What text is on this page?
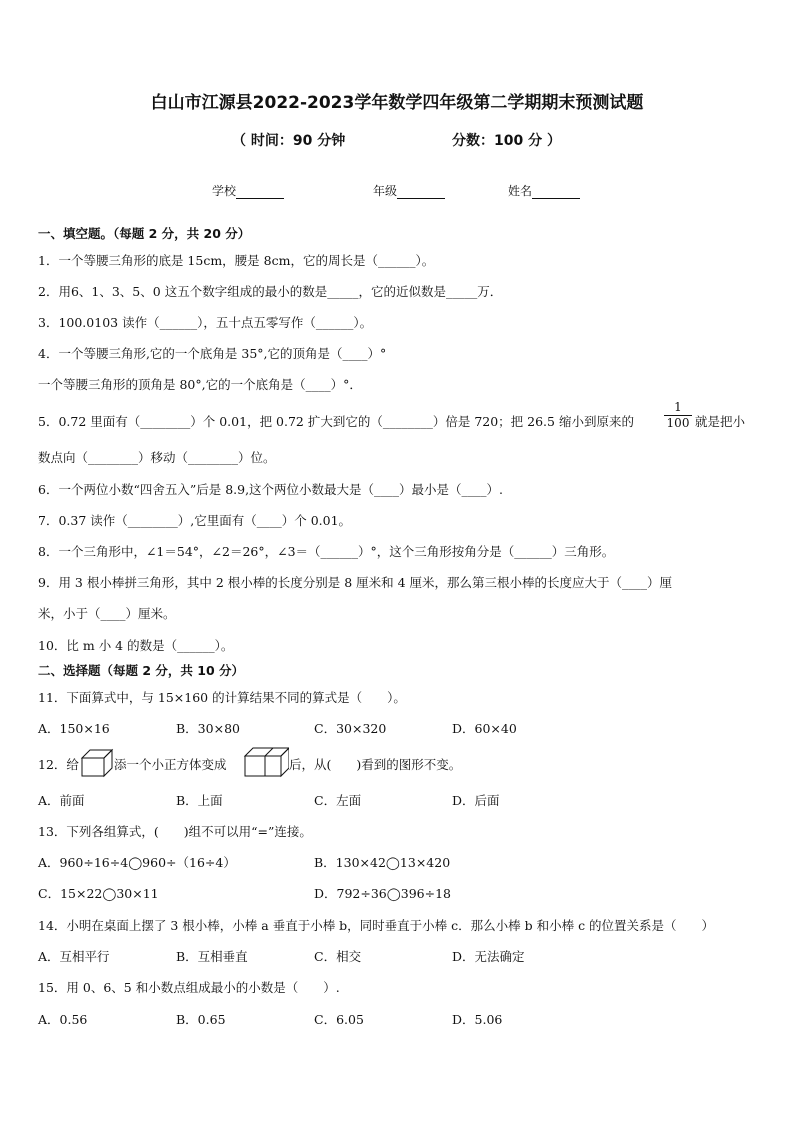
白山市江源县2022-2023学年数学四年级第二学期期末预测试题
（ 时间：90 分钟	分数：100 分 ）
学校	年级	姓名
一、填空题。（每题 2 分，共 20 分）
1．一个等腰三角形的底是 15cm，腰是 8cm，它的周长是（______）。
2．用6、1、3、5、0 这五个数字组成的最小的数是_____，它的近似数是_____万．
3．100.0103 读作（______），五十点五零写作（______）。
4．一个等腰三角形,它的一个底角是 35°,它的顶角是（____）°
一个等腰三角形的顶角是 80°,它的一个底角是（____）°．
5．0.72 里面有（________）个 0.01，把 0.72 扩大到它的（________）倍是 720；把 26.5 缩小到原来的	$\frac{1}{100}$ 就是把小
数点向（________）移动（________）位。
6．一个两位小数“四舍五入”后是 8.9,这个两位小数最大是（____）最小是（____）.
7．0.37 读作（________）,它里面有（____）个 0.01。
8．一个三角形中，∠1＝54°，∠2＝26°，∠3＝（______）°，这个三角形按角分是（______）三角形。
9．用 3 根小棒拼三角形，其中 2 根小棒的长度分别是 8 厘米和 4 厘米，那么第三根小棒的长度应大于（____）厘
米，小于（____）厘米。
10．比 m 小 4 的数是（______）。
二、选择题（每题 2 分，共 10 分）
11．下面算式中，与 15×160 的计算结果不同的算式是（　　）。
A．150×16	B．30×80	C．30×320	D．60×40
12．给	添一个小正方体变成	后，从(　　)看到的图形不变。
A．前面	B．上面	C．左面	D．后面
13．下列各组算式，(　　)组不可以用“=”连接。
A．960÷16÷4◯960÷（16÷4）	B．130×42◯13×420
C．15×22◯30×11	D．792÷36◯396÷18
14．小明在桌面上摆了 3 根小棒，小棒 a 垂直于小棒 b，同时垂直于小棒 c．那么小棒 b 和小棒 c 的位置关系是（　　）
A．互相平行	B．互相垂直	C．相交	D．无法确定
15．用 0、6、5 和小数点组成最小的小数是（　　）.
A．0.56	B．0.65	C．6.05	D．5.06
